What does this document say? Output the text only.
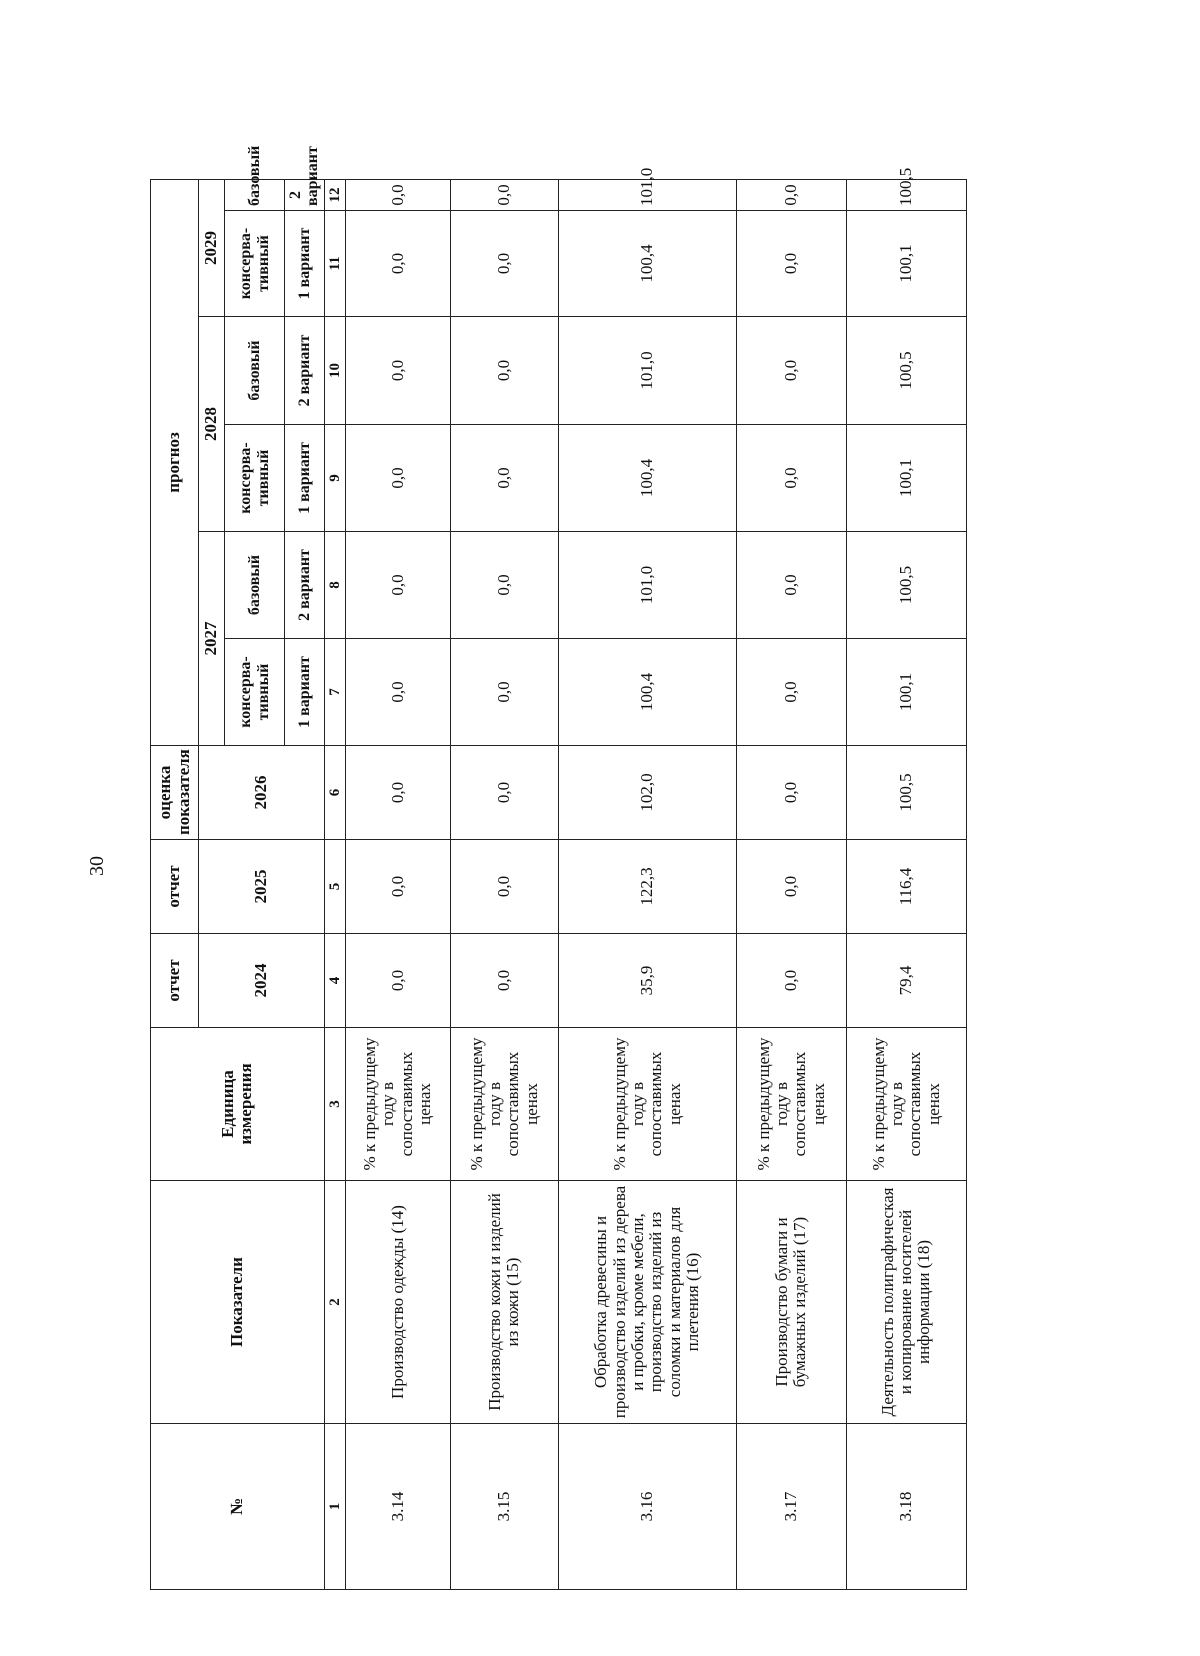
30
№	Показатели	Единица измерения	отчет	отчет	оценка показателя	прогноз					
			2024	2025	2026	2027		2028		2029	
						консерва-тивный	базовый	консерва-тивный	базовый	консерва-тивный	базовый
						1 вариант	2 вариант	1 вариант	2 вариант	1 вариант	2 вариант
1	2	3	4	5	6	7	8	9	10	11	12
3.14	Производство одежды (14)	% к предыдущему году в сопоставимых ценах	0,0	0,0	0,0	0,0	0,0	0,0	0,0	0,0	0,0
3.15	Производство кожи и изделий из кожи (15)	% к предыдущему году в сопоставимых ценах	0,0	0,0	0,0	0,0	0,0	0,0	0,0	0,0	0,0
3.16	Обработка древесины и производство изделий из дерева и пробки, кроме мебели, производство изделий из соломки и материалов для плетения (16)	% к предыдущему году в сопоставимых ценах	35,9	122,3	102,0	100,4	101,0	100,4	101,0	100,4	101,0
3.17	Производство бумаги и бумажных изделий (17)	% к предыдущему году в сопоставимых ценах	0,0	0,0	0,0	0,0	0,0	0,0	0,0	0,0	0,0
3.18	Деятельность полиграфическая и копирование носителей информации (18)	% к предыдущему году в сопоставимых ценах	79,4	116,4	100,5	100,1	100,5	100,1	100,5	100,1	100,5
